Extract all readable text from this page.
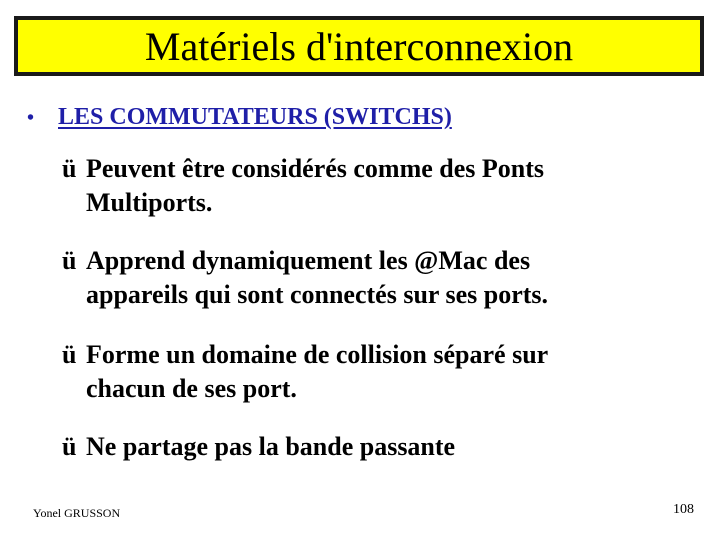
Matériels d'interconnexion
• LES COMMUTATEURS (SWITCHS)
ü Peuvent être considérés comme des Ponts
Multiports.
ü Apprend dynamiquement les @Mac des
appareils qui sont connectés sur ses ports.
ü Forme un domaine de collision séparé sur
chacun de ses port.
ü Ne partage pas la bande passante
Yonel GRUSSON	108
